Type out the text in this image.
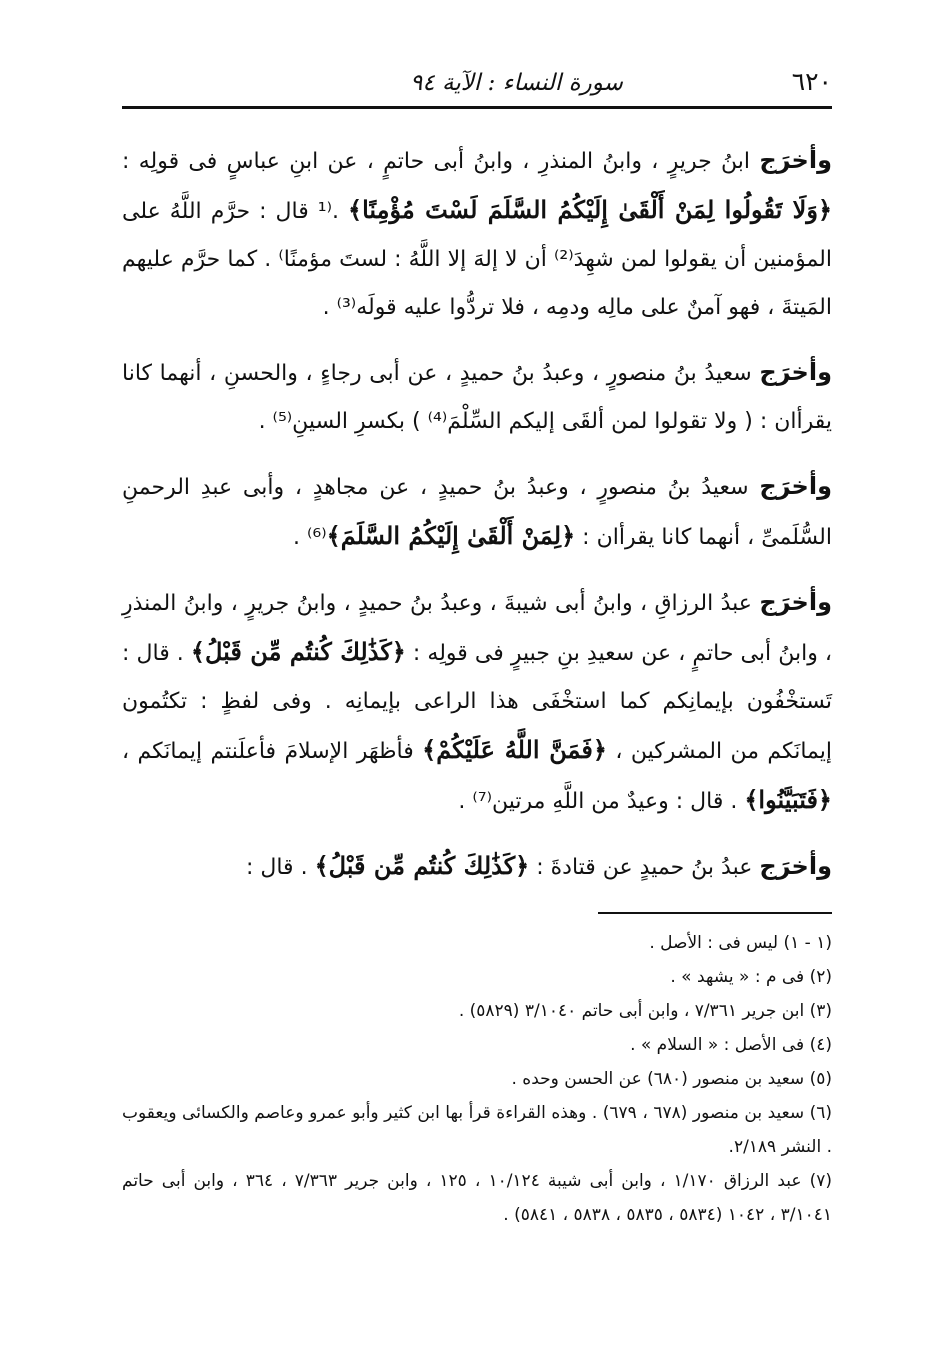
٦٢٠
سورة النساء : الآية ٩٤

وأخرَج ابنُ جريرٍ ، وابنُ المنذرِ ، وابنُ أبى حاتمٍ ، عن ابنِ عباسٍ فى قولِه : ﴿وَلَا تَقُولُوا لِمَنْ أَلْقَىٰ إِلَيْكُمُ السَّلَمَ لَسْتَ مُؤْمِنًا﴾ .⁽¹ قال : حرَّم اللَّهُ على المؤمنين أن يقولوا لمن شهِدَ⁽²⁾ أن لا إلهَ إلا اللَّهُ : لستَ مؤمنًا⁾ . كما حرَّم عليهم المَيتةَ ، فهو آمنٌ على مالِه ودمِه ، فلا تردُّوا عليه قولَه⁽³⁾ .

وأخرَج سعيدُ بنُ منصورٍ ، وعبدُ بنُ حميدٍ ، عن أبى رجاءٍ ، والحسنِ ، أنهما كانا يقرأان : ( ولا تقولوا لمن ألقَى إليكم السِّلْمَ⁽⁴⁾ ) بكسرِ السينِ⁽⁵⁾ .

وأخرَج سعيدُ بنُ منصورٍ ، وعبدُ بنُ حميدٍ ، عن مجاهدٍ ، وأبى عبدِ الرحمنِ السُّلَمىِّ ، أنهما كانا يقرأان : ﴿لِمَنْ أَلْقَىٰ إِلَيْكُمُ السَّلَمَ﴾⁽⁶⁾ .

وأخرَج عبدُ الرزاقِ ، وابنُ أبى شيبةَ ، وعبدُ بنُ حميدٍ ، وابنُ جريرٍ ، وابنُ المنذرِ ، وابنُ أبى حاتمٍ ، عن سعيدِ بنِ جبيرٍ فى قولِه : ﴿كَذَٰلِكَ كُنتُم مِّن قَبْلُ﴾ . قال : تَستخْفُون بإيمانِكم كما استخْفَى هذا الراعى بإيمانِه . وفى لفظٍ : تكتُمون إيمانَكم من المشركين ، ﴿فَمَنَّ اللَّهُ عَلَيْكُمْ﴾ فأظهَر الإسلامَ فأعلَنتم إيمانَكم ، ﴿فَتَبَيَّنُوا﴾ . قال : وعيدٌ من اللَّهِ مرتين⁽⁷⁾ .

وأخرَج عبدُ بنُ حميدٍ عن قتادةَ : ﴿كَذَٰلِكَ كُنتُم مِّن قَبْلُ﴾ . قال :

(١ - ١) ليس فى : الأصل .

(٢) فى م : « يشهد » .

(٣) ابن جرير ٧/٣٦١ ، وابن أبى حاتم ٣/١٠٤٠ (٥٨٢٩) .

(٤) فى الأصل : « السلام » .

(٥) سعيد بن منصور (٦٨٠) عن الحسن وحده .

(٦) سعيد بن منصور (٦٧٨ ، ٦٧٩) . وهذه القراءة قرأ بها ابن كثير وأبو عمرو وعاصم والكسائى ويعقوب . النشر ٢/١٨٩.

(٧) عبد الرزاق ١/١٧٠ ، وابن أبى شيبة ١٠/١٢٤ ، ١٢٥ ، وابن جرير ٧/٣٦٣ ، ٣٦٤ ، وابن أبى حاتم ٣/١٠٤١ ، ١٠٤٢ (٥٨٣٤ ، ٥٨٣٥ ، ٥٨٣٨ ، ٥٨٤١) .
